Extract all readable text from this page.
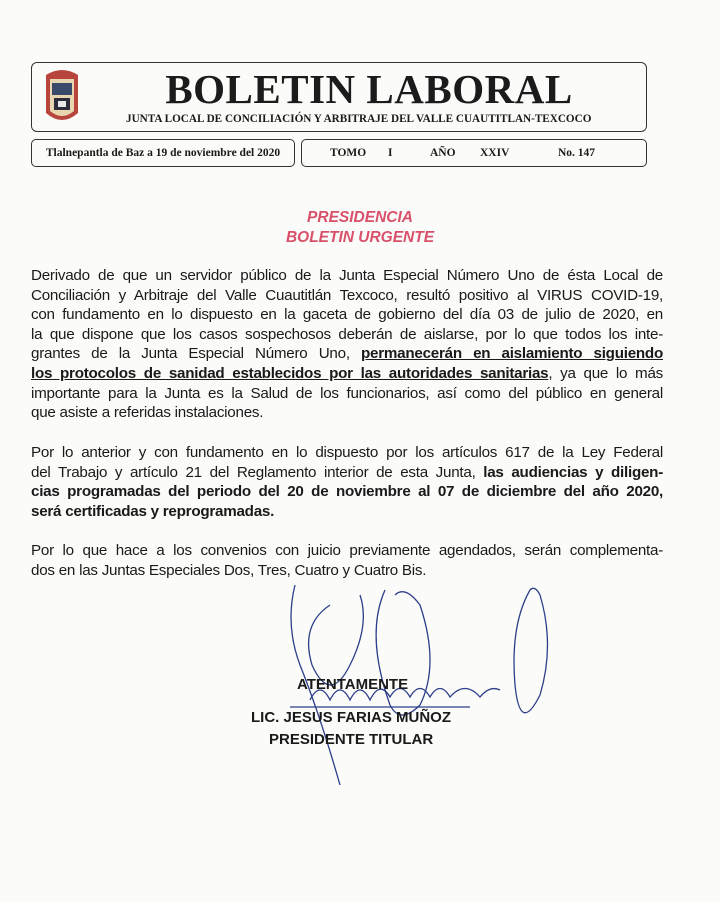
BOLETIN LABORAL
JUNTA LOCAL DE CONCILIACIÓN Y ARBITRAJE DEL VALLE CUAUTITLAN-TEXCOCO
Tlalnepantla de Baz a 19 de noviembre del 2020	TOMO I	AÑO XXIV	No. 147
PRESIDENCIA
BOLETIN URGENTE
Derivado de que un servidor público de la Junta Especial Número Uno de ésta Local de
Conciliación y Arbitraje del Valle Cuautitlán Texcoco, resultó positivo al VIRUS COVID-19,
con fundamento en lo dispuesto en la gaceta de gobierno del día 03 de julio de 2020, en
la que dispone que los casos sospechosos deberán de aislarse, por lo que todos los inte-
grantes de la Junta Especial Número Uno, permanecerán en aislamiento siguiendo
los protocolos de sanidad establecidos por las autoridades sanitarias, ya que lo más
importante para la Junta es la Salud de los funcionarios, así como del público en general
que asiste a referidas instalaciones.
Por lo anterior y con fundamento en lo dispuesto por los artículos 617 de la Ley Federal
del Trabajo y artículo 21 del Reglamento interior de esta Junta, las audiencias y diligen-
cias programadas del periodo del 20 de noviembre al 07 de diciembre del año 2020,
será certificadas y reprogramadas.
Por lo que hace a los convenios con juicio previamente agendados, serán complementa-
dos en las Juntas Especiales Dos, Tres, Cuatro y Cuatro Bis.
ATENTAMENTE
LIC. JESUS FARIAS MUÑOZ
PRESIDENTE TITULAR
